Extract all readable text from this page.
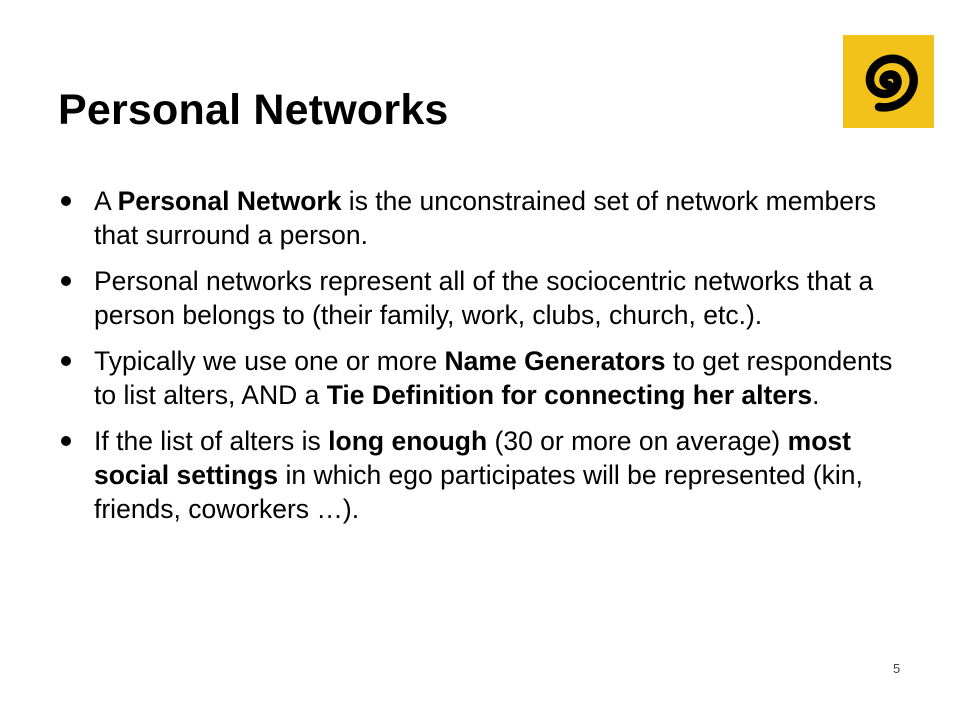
Personal Networks
A Personal Network is the unconstrained set of network members that surround a person.
Personal networks represent all of the sociocentric networks that a person belongs to (their family, work, clubs, church, etc.).
Typically we use one or more Name Generators to get respondents to list alters, AND a Tie Definition for connecting her alters.
If the list of alters is long enough (30 or more on average) most social settings in which ego participates will be represented (kin, friends, coworkers …).
5
